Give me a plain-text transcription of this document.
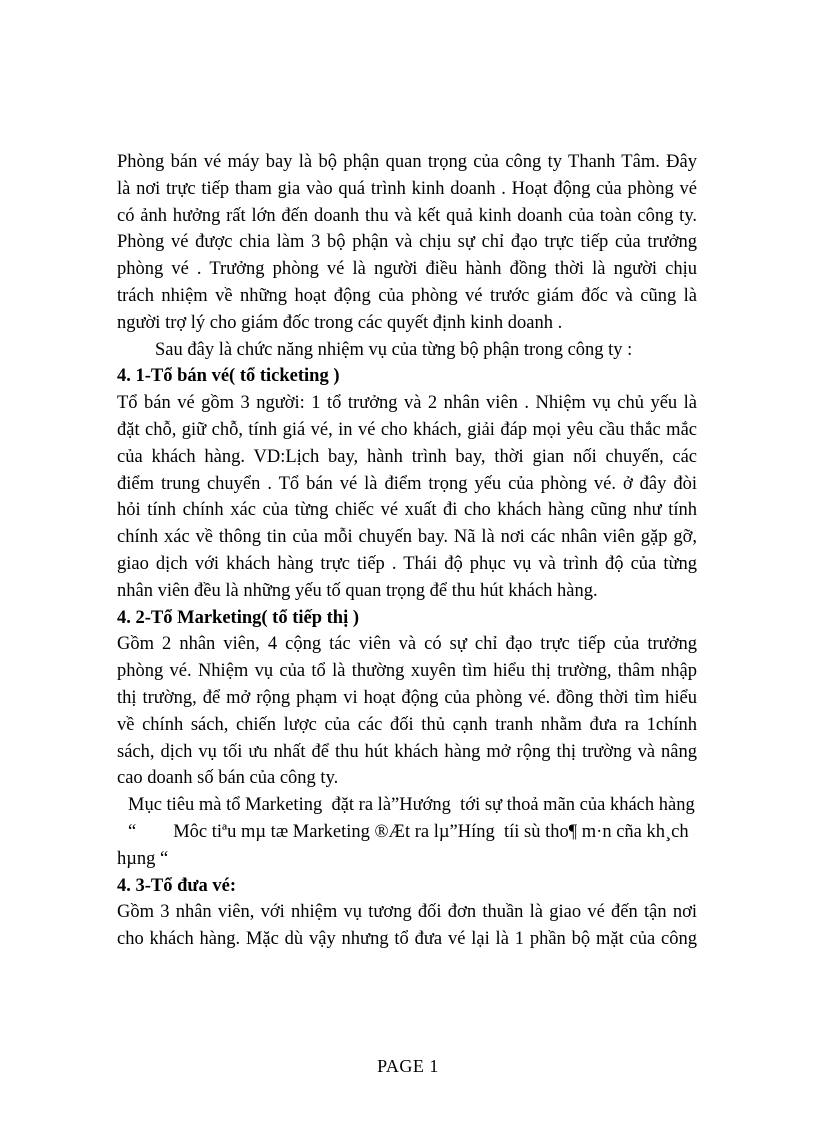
Phòng bán vé máy bay là bộ phận quan trọng của công ty Thanh Tâm. Đây
là nơi trực tiếp tham gia vào quá trình kinh doanh . Hoạt động của phòng vé
có ảnh hưởng rất lớn đến doanh thu và kết quả kinh doanh của toàn công ty.
Phòng vé được chia làm 3 bộ phận và chịu sự chỉ đạo trực tiếp của trưởng
phòng vé . Trưởng phòng vé là người điều hành đồng thời là người chịu
trách nhiệm về những hoạt động của phòng vé trước giám đốc và cũng là
người trợ lý cho giám đốc trong các quyết định kinh doanh .
Sau đây là chức năng nhiệm vụ của từng bộ phận trong công ty :
4. 1-Tổ bán vé( tổ ticketing )
Tổ bán vé gồm 3 người: 1 tổ trưởng và 2 nhân viên . Nhiệm vụ chủ yếu là
đặt chỗ, giữ chỗ, tính giá vé, in vé cho khách, giải đáp mọi yêu cầu thắc mắc
của khách hàng. VD:Lịch bay, hành trình bay, thời gian nối chuyến, các
điểm trung chuyển . Tổ bán vé là điểm trọng yếu của phòng vé. ở đây đòi
hỏi tính chính xác của từng chiếc vé xuất đi cho khách hàng cũng như tính
chính xác về thông tin của mỗi chuyến bay. Nã là nơi các nhân viên gặp gỡ,
giao dịch với khách hàng trực tiếp . Thái độ phục vụ và trình độ của từng
nhân viên đều là những yếu tố quan trọng để thu hút khách hàng.
4. 2-Tổ Marketing( tổ tiếp thị )
Gồm 2 nhân viên, 4 cộng tác viên và có sự chỉ đạo trực tiếp của trưởng
phòng vé. Nhiệm vụ của tổ là thường xuyên tìm hiểu thị trường, thâm nhập
thị trường, để mở rộng phạm vi hoạt động của phòng vé. đồng thời tìm hiểu
về chính sách, chiến lược của các đối thủ cạnh tranh nhằm đưa ra 1chính
sách, dịch vụ tối ưu nhất để thu hút khách hàng mở rộng thị trường và nâng
cao doanh số bán của công ty.
Mục tiêu mà tổ Marketing  đặt ra là”Hướng  tới sự thoả mãn của khách hàng
“        Môc tiªu mµ tæ Marketing ®Æt ra lµ”Híng  tíi sù tho¶ m·n cña kh¸ch
hµng “
4. 3-Tổ đưa vé:
Gồm 3 nhân viên, với nhiệm vụ tương đối đơn thuần là giao vé đến tận nơi
cho khách hàng. Mặc dù vậy nhưng tổ đưa vé lại là 1 phần bộ mặt của công
PAGE 1
